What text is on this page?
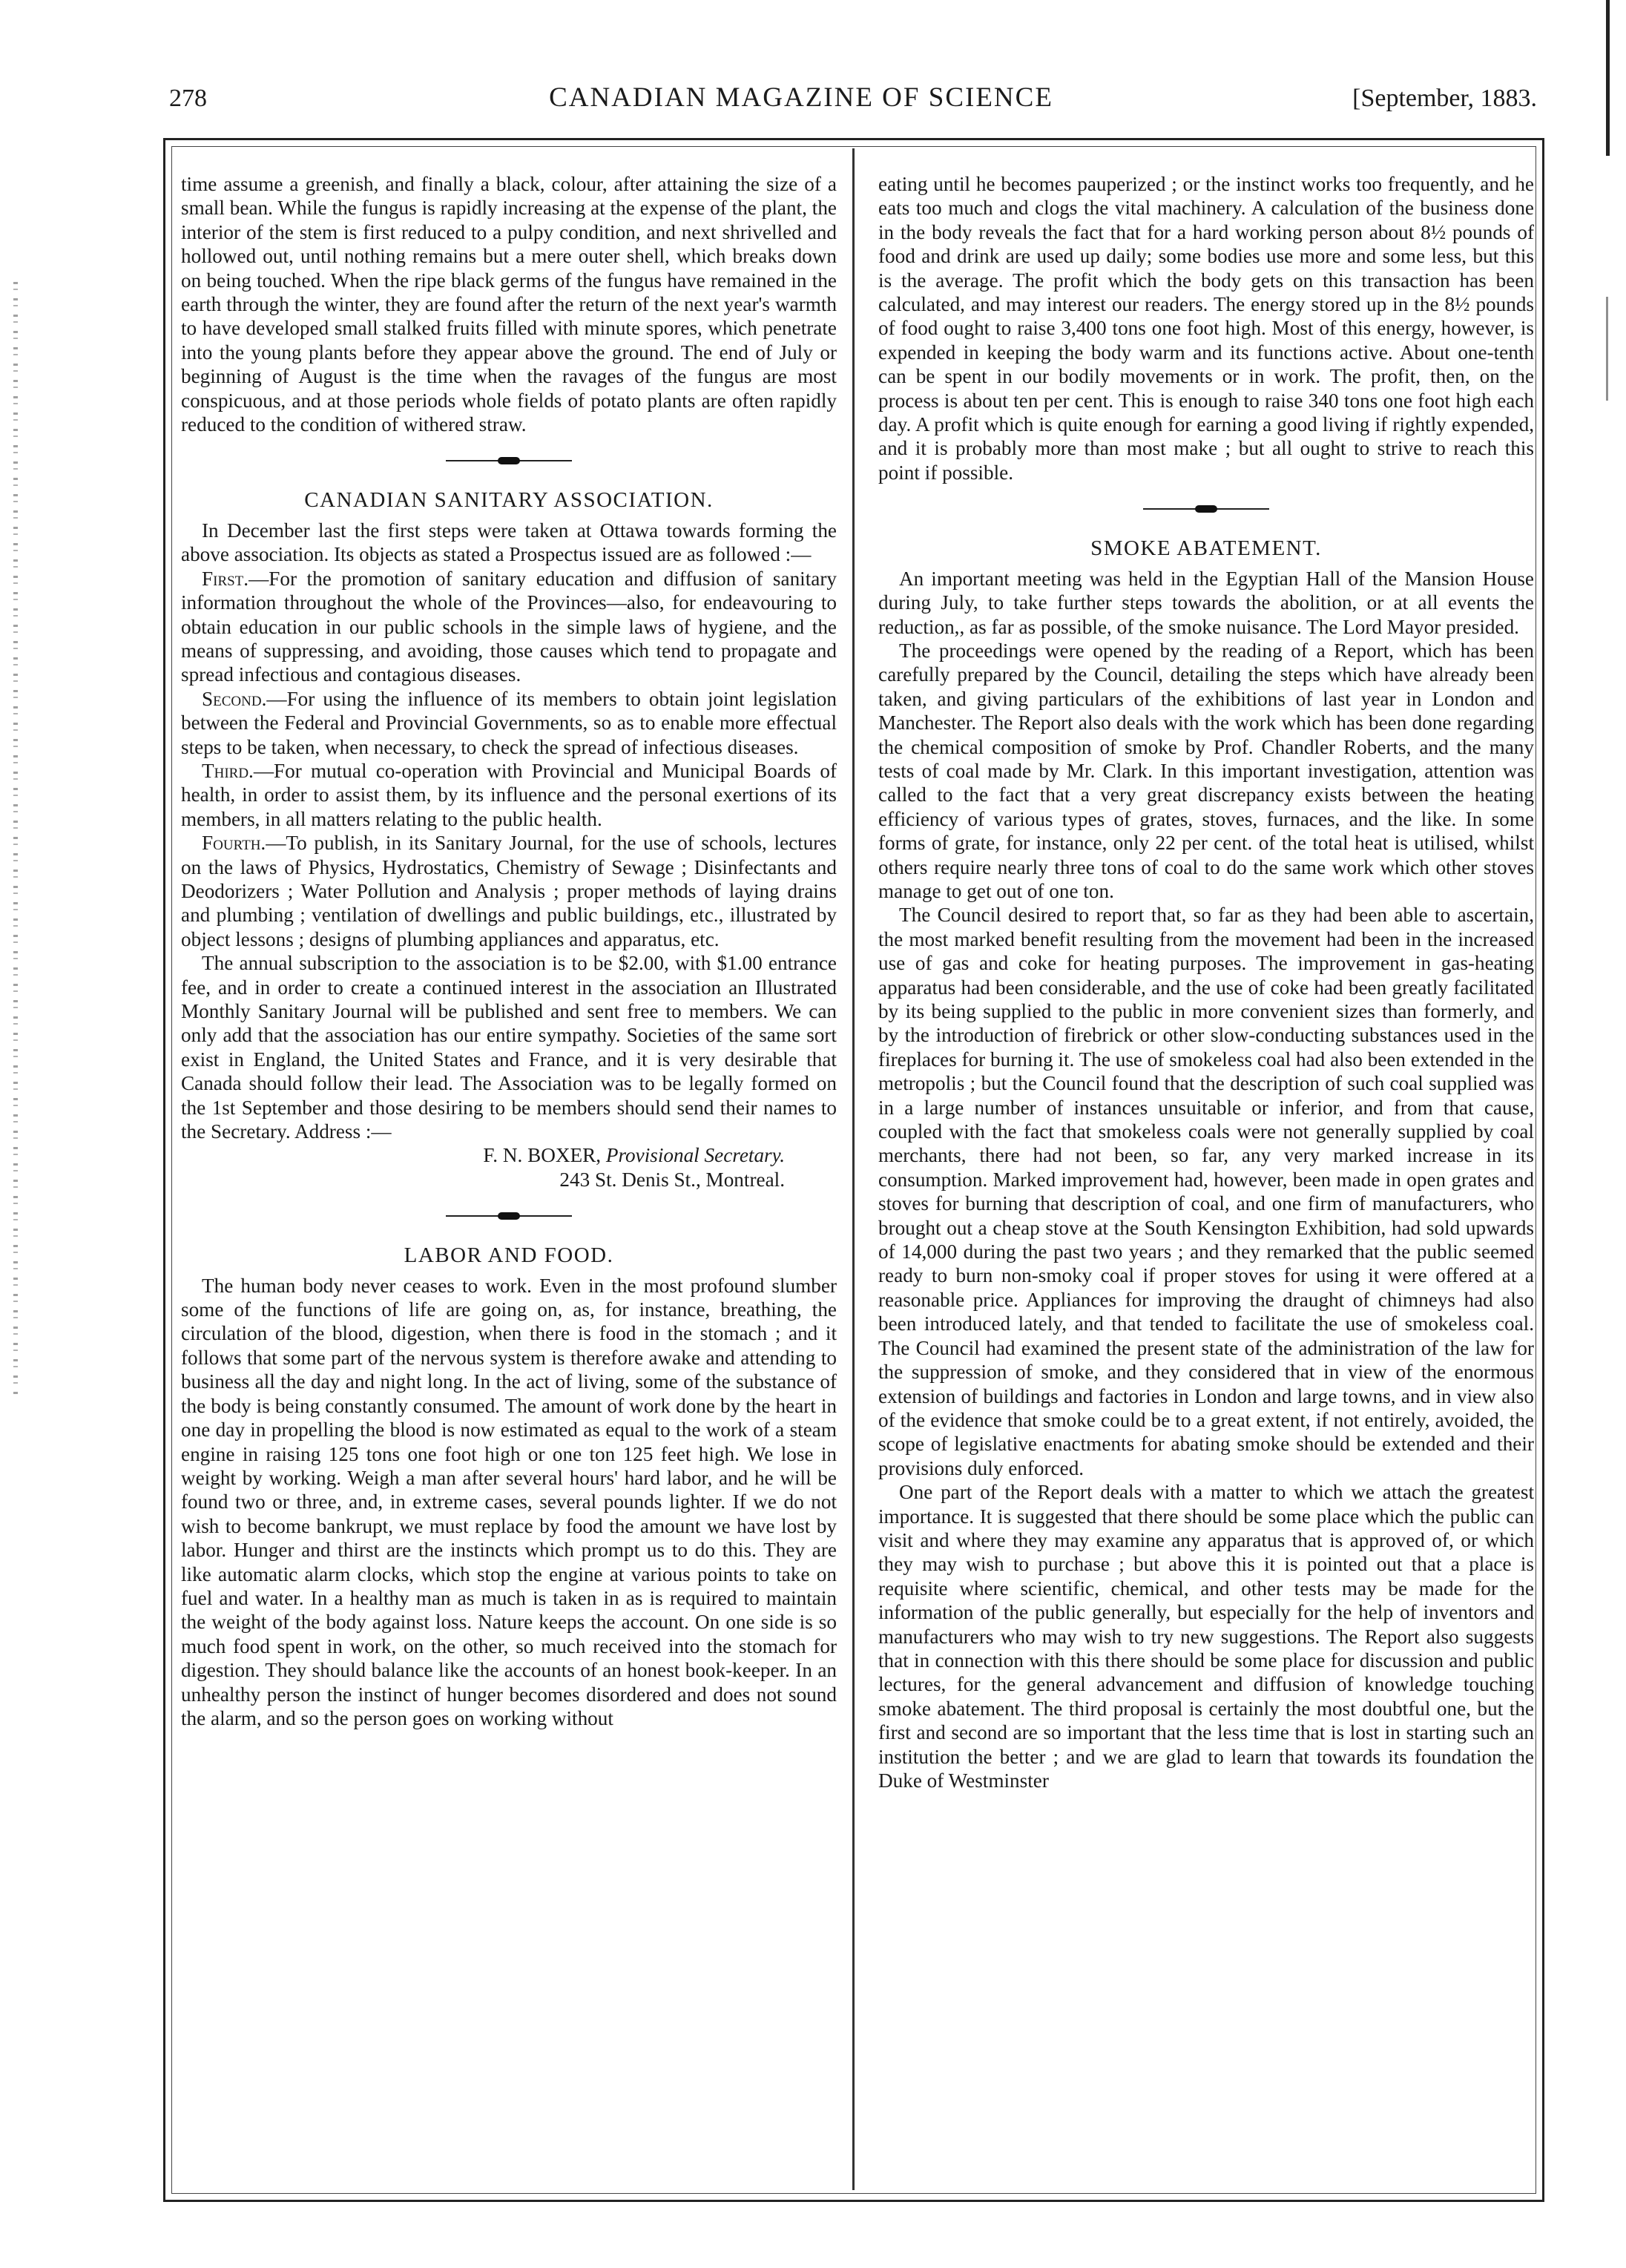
278	CANADIAN MAGAZINE OF SCIENCE	[September, 1883.

time assume a greenish, and finally a black, colour, after attaining the size of a small bean. While the fungus is rapidly increasing at the expense of the plant, the interior of the stem is first reduced to a pulpy condition, and next shrivelled and hollowed out, until nothing remains but a mere outer shell, which breaks down on being touched. When the ripe black germs of the fungus have remained in the earth through the winter, they are found after the return of the next year's warmth to have developed small stalked fruits filled with minute spores, which penetrate into the young plants before they appear above the ground. The end of July or beginning of August is the time when the ravages of the fungus are most conspicuous, and at those periods whole fields of potato plants are often rapidly reduced to the condition of withered straw.

CANADIAN SANITARY ASSOCIATION.

In December last the first steps were taken at Ottawa towards forming the above association. Its objects as stated a Prospectus issued are as followed :—

First.—For the promotion of sanitary education and diffusion of sanitary information throughout the whole of the Provinces—also, for endeavouring to obtain education in our public schools in the simple laws of hygiene, and the means of suppressing, and avoiding, those causes which tend to propagate and spread infectious and contagious diseases.

Second.—For using the influence of its members to obtain joint legislation between the Federal and Provincial Governments, so as to enable more effectual steps to be taken, when necessary, to check the spread of infectious diseases.

Third.—For mutual co-operation with Provincial and Municipal Boards of health, in order to assist them, by its influence and the personal exertions of its members, in all matters relating to the public health.

Fourth.—To publish, in its Sanitary Journal, for the use of schools, lectures on the laws of Physics, Hydrostatics, Chemistry of Sewage ; Disinfectants and Deodorizers ; Water Pollution and Analysis ; proper methods of laying drains and plumbing ; ventilation of dwellings and public buildings, etc., illustrated by object lessons ; designs of plumbing appliances and apparatus, etc.

The annual subscription to the association is to be $2.00, with $1.00 entrance fee, and in order to create a continued interest in the association an Illustrated Monthly Sanitary Journal will be published and sent free to members. We can only add that the association has our entire sympathy. Societies of the same sort exist in England, the United States and France, and it is very desirable that Canada should follow their lead. The Association was to be legally formed on the 1st September and those desiring to be members should send their names to the Secretary. Address :—

F. N. BOXER, Provisional Secretary.
243 St. Denis St., Montreal.
LABOR AND FOOD.

The human body never ceases to work. Even in the most profound slumber some of the functions of life are going on, as, for instance, breathing, the circulation of the blood, digestion, when there is food in the stomach ; and it follows that some part of the nervous system is therefore awake and attending to business all the day and night long. In the act of living, some of the substance of the body is being constantly consumed. The amount of work done by the heart in one day in propelling the blood is now estimated as equal to the work of a steam engine in raising 125 tons one foot high or one ton 125 feet high. We lose in weight by working. Weigh a man after several hours' hard labor, and he will be found two or three, and, in extreme cases, several pounds lighter. If we do not wish to become bankrupt, we must replace by food the amount we have lost by labor. Hunger and thirst are the instincts which prompt us to do this. They are like automatic alarm clocks, which stop the engine at various points to take on fuel and water. In a healthy man as much is taken in as is required to maintain the weight of the body against loss. Nature keeps the account. On one side is so much food spent in work, on the other, so much received into the stomach for digestion. They should balance like the accounts of an honest book-keeper. In an unhealthy person the instinct of hunger becomes disordered and does not sound the alarm, and so the person goes on working without

eating until he becomes pauperized ; or the instinct works too frequently, and he eats too much and clogs the vital machinery. A calculation of the business done in the body reveals the fact that for a hard working person about 8½ pounds of food and drink are used up daily; some bodies use more and some less, but this is the average. The profit which the body gets on this transaction has been calculated, and may interest our readers. The energy stored up in the 8½ pounds of food ought to raise 3,400 tons one foot high. Most of this energy, however, is expended in keeping the body warm and its functions active. About one-tenth can be spent in our bodily movements or in work. The profit, then, on the process is about ten per cent. This is enough to raise 340 tons one foot high each day. A profit which is quite enough for earning a good living if rightly expended, and it is probably more than most make ; but all ought to strive to reach this point if possible.

SMOKE ABATEMENT.

An important meeting was held in the Egyptian Hall of the Mansion House during July, to take further steps towards the abolition, or at all events the reduction,, as far as possible, of the smoke nuisance. The Lord Mayor presided.

The proceedings were opened by the reading of a Report, which has been carefully prepared by the Council, detailing the steps which have already been taken, and giving particulars of the exhibitions of last year in London and Manchester. The Report also deals with the work which has been done regarding the chemical composition of smoke by Prof. Chandler Roberts, and the many tests of coal made by Mr. Clark. In this important investigation, attention was called to the fact that a very great discrepancy exists between the heating efficiency of various types of grates, stoves, furnaces, and the like. In some forms of grate, for instance, only 22 per cent. of the total heat is utilised, whilst others require nearly three tons of coal to do the same work which other stoves manage to get out of one ton.

The Council desired to report that, so far as they had been able to ascertain, the most marked benefit resulting from the movement had been in the increased use of gas and coke for heating purposes. The improvement in gas-heating apparatus had been considerable, and the use of coke had been greatly facilitated by its being supplied to the public in more convenient sizes than formerly, and by the introduction of firebrick or other slow-conducting substances used in the fireplaces for burning it. The use of smokeless coal had also been extended in the metropolis ; but the Council found that the description of such coal supplied was in a large number of instances unsuitable or inferior, and from that cause, coupled with the fact that smokeless coals were not generally supplied by coal merchants, there had not been, so far, any very marked increase in its consumption. Marked improvement had, however, been made in open grates and stoves for burning that description of coal, and one firm of manufacturers, who brought out a cheap stove at the South Kensington Exhibition, had sold upwards of 14,000 during the past two years ; and they remarked that the public seemed ready to burn non-smoky coal if proper stoves for using it were offered at a reasonable price. Appliances for improving the draught of chimneys had also been introduced lately, and that tended to facilitate the use of smokeless coal. The Council had examined the present state of the administration of the law for the suppression of smoke, and they considered that in view of the enormous extension of buildings and factories in London and large towns, and in view also of the evidence that smoke could be to a great extent, if not entirely, avoided, the scope of legislative enactments for abating smoke should be extended and their provisions duly enforced.

One part of the Report deals with a matter to which we attach the greatest importance. It is suggested that there should be some place which the public can visit and where they may examine any apparatus that is approved of, or which they may wish to purchase ; but above this it is pointed out that a place is requisite where scientific, chemical, and other tests may be made for the information of the public generally, but especially for the help of inventors and manufacturers who may wish to try new suggestions. The Report also suggests that in connection with this there should be some place for discussion and public lectures, for the general advancement and diffusion of knowledge touching smoke abatement. The third proposal is certainly the most doubtful one, but the first and second are so important that the less time that is lost in starting such an institution the better ; and we are glad to learn that towards its foundation the Duke of Westminster
